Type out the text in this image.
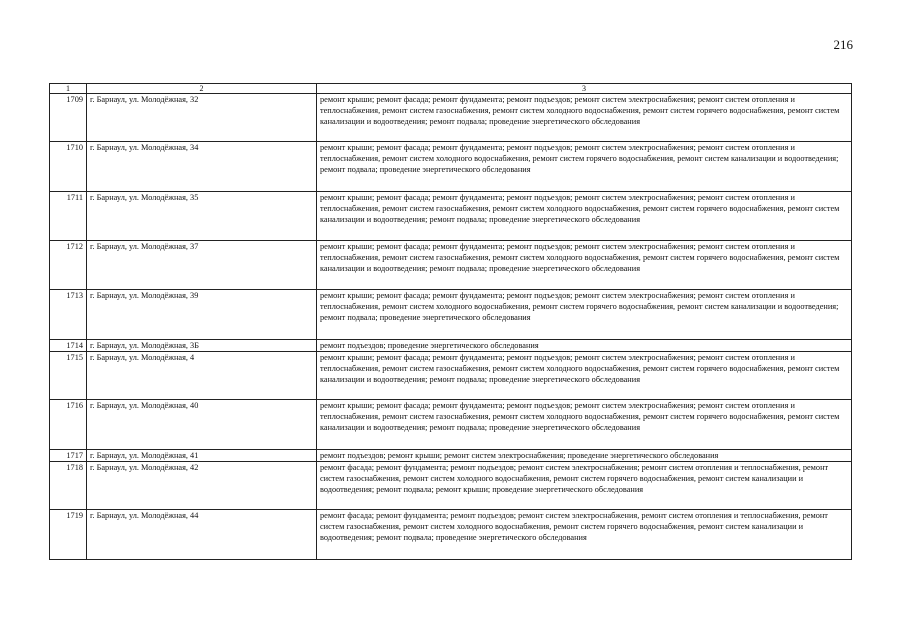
216
1	2	3
1709	г. Барнаул, ул. Молодёжная, 32	ремонт крыши; ремонт фасада; ремонт фундамента; ремонт подъездов; ремонт систем электроснабжения; ремонт систем отопления и теплоснабжения, ремонт систем газоснабжения, ремонт систем холодного водоснабжения, ремонт систем горячего водоснабжения, ремонт систем канализации и водоотведения; ремонт подвала; проведение энергетического обследования
1710	г. Барнаул, ул. Молодёжная, 34	ремонт крыши; ремонт фасада; ремонт фундамента; ремонт подъездов; ремонт систем электроснабжения; ремонт систем отопления и теплоснабжения, ремонт систем холодного водоснабжения, ремонт систем горячего водоснабжения, ремонт систем канализации и водоотведения; ремонт подвала; проведение энергетического обследования
1711	г. Барнаул, ул. Молодёжная, 35	ремонт крыши; ремонт фасада; ремонт фундамента; ремонт подъездов; ремонт систем электроснабжения; ремонт систем отопления и теплоснабжения, ремонт систем газоснабжения, ремонт систем холодного водоснабжения, ремонт систем горячего водоснабжения, ремонт систем канализации и водоотведения; ремонт подвала; проведение энергетического обследования
1712	г. Барнаул, ул. Молодёжная, 37	ремонт крыши; ремонт фасада; ремонт фундамента; ремонт подъездов; ремонт систем электроснабжения; ремонт систем отопления и теплоснабжения, ремонт систем газоснабжения, ремонт систем холодного водоснабжения, ремонт систем горячего водоснабжения, ремонт систем канализации и водоотведения; ремонт подвала; проведение энергетического обследования
1713	г. Барнаул, ул. Молодёжная, 39	ремонт крыши; ремонт фасада; ремонт фундамента; ремонт подъездов; ремонт систем электроснабжения; ремонт систем отопления и теплоснабжения, ремонт систем холодного водоснабжения, ремонт систем горячего водоснабжения, ремонт систем канализации и водоотведения; ремонт подвала; проведение энергетического обследования
1714	г. Барнаул, ул. Молодёжная, 3Б	ремонт подъездов; проведение энергетического обследования
1715	г. Барнаул, ул. Молодёжная, 4	ремонт крыши; ремонт фасада; ремонт фундамента; ремонт подъездов; ремонт систем электроснабжения; ремонт систем отопления и теплоснабжения, ремонт систем газоснабжения, ремонт систем холодного водоснабжения, ремонт систем горячего водоснабжения, ремонт систем канализации и водоотведения; ремонт подвала; проведение энергетического обследования
1716	г. Барнаул, ул. Молодёжная, 40	ремонт крыши; ремонт фасада; ремонт фундамента; ремонт подъездов; ремонт систем электроснабжения; ремонт систем отопления и теплоснабжения, ремонт систем газоснабжения, ремонт систем холодного водоснабжения, ремонт систем горячего водоснабжения, ремонт систем канализации и водоотведения; ремонт подвала; проведение энергетического обследования
1717	г. Барнаул, ул. Молодёжная, 41	ремонт подъездов; ремонт крыши; ремонт систем электроснабжения; проведение энергетического обследования
1718	г. Барнаул, ул. Молодёжная, 42	ремонт фасада; ремонт фундамента; ремонт подъездов; ремонт систем электроснабжения; ремонт систем отопления и теплоснабжения, ремонт систем газоснабжения, ремонт систем холодного водоснабжения, ремонт систем горячего водоснабжения, ремонт систем канализации и водоотведения; ремонт подвала; ремонт крыши; проведение энергетического обследования
1719	г. Барнаул, ул. Молодёжная, 44	ремонт фасада; ремонт фундамента; ремонт подъездов; ремонт систем электроснабжения, ремонт систем отопления и теплоснабжения, ремонт систем газоснабжения, ремонт систем холодного водоснабжения, ремонт систем горячего водоснабжения, ремонт систем канализации и водоотведения; ремонт подвала; проведение энергетического обследования
